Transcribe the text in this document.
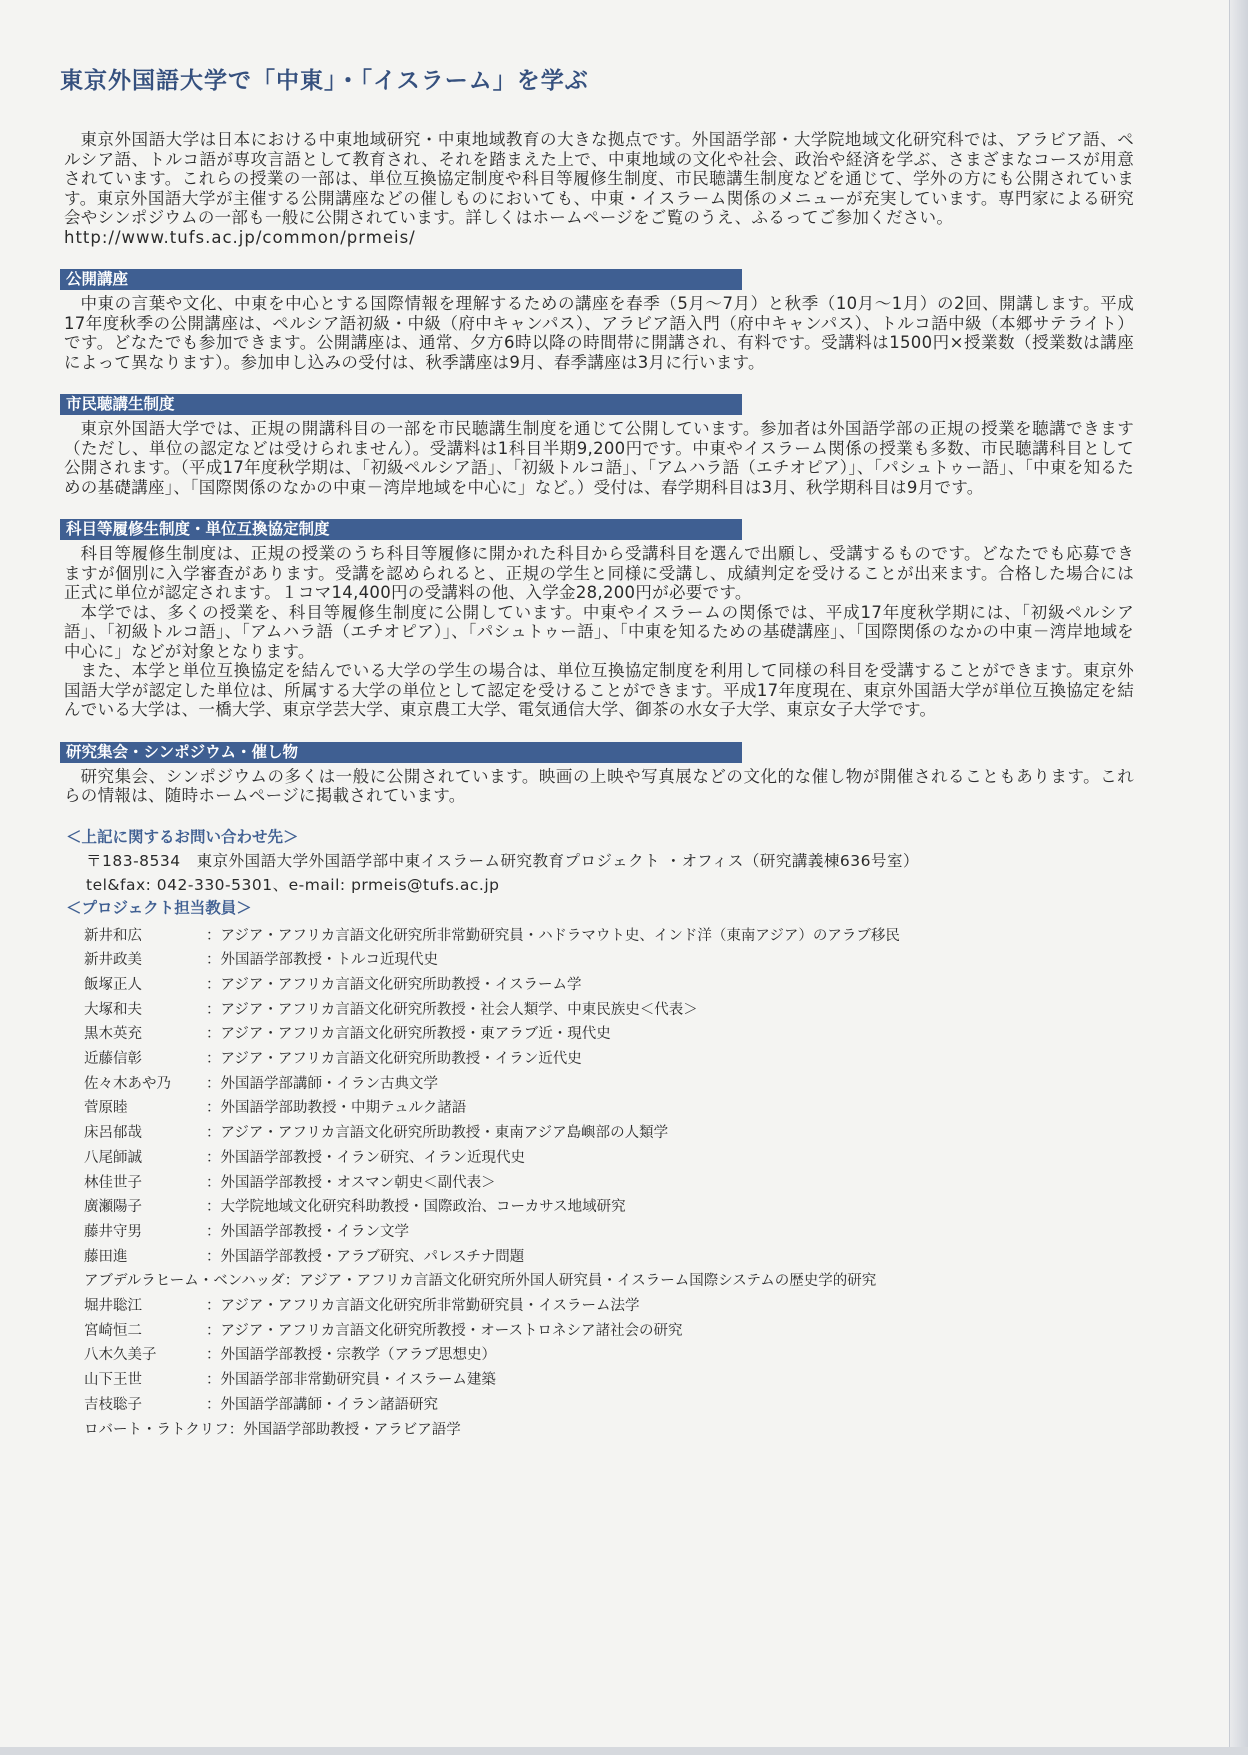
東京外国語大学で「中東」・「イスラーム」を学ぶ

東京外国語大学は日本における中東地域研究・中東地域教育の大きな拠点です。外国語学部・大学院地域文化研究科では、アラビア語、ペルシア語、トルコ語が専攻言語として教育され、それを踏まえた上で、中東地域の文化や社会、政治や経済を学ぶ、さまざまなコースが用意されています。これらの授業の一部は、単位互換協定制度や科目等履修生制度、市民聴講生制度などを通じて、学外の方にも公開されています。東京外国語大学が主催する公開講座などの催しものにおいても、中東・イスラーム関係のメニューが充実しています。専門家による研究会やシンポジウムの一部も一般に公開されています。詳しくはホームページをご覧のうえ、ふるってご参加ください。

http://www.tufs.ac.jp/common/prmeis/

公開講座

中東の言葉や文化、中東を中心とする国際情報を理解するための講座を春季（5月〜7月）と秋季（10月〜1月）の2回、開講します。平成17年度秋季の公開講座は、ペルシア語初級・中級（府中キャンパス）、アラビア語入門（府中キャンパス）、トルコ語中級（本郷サテライト）です。どなたでも参加できます。公開講座は、通常、夕方6時以降の時間帯に開講され、有料です。受講料は1500円×授業数（授業数は講座によって異なります）。参加申し込みの受付は、秋季講座は9月、春季講座は3月に行います。

市民聴講生制度

東京外国語大学では、正規の開講科目の一部を市民聴講生制度を通じて公開しています。参加者は外国語学部の正規の授業を聴講できます（ただし、単位の認定などは受けられません）。受講料は1科目半期9,200円です。中東やイスラーム関係の授業も多数、市民聴講科目として公開されます。（平成17年度秋学期は、「初級ペルシア語」、「初級トルコ語」、「アムハラ語（エチオピア）」、「パシュトゥー語」、「中東を知るための基礎講座」、「国際関係のなかの中東－湾岸地域を中心に」など。）受付は、春学期科目は3月、秋学期科目は9月です。

科目等履修生制度・単位互換協定制度

科目等履修生制度は、正規の授業のうち科目等履修に開かれた科目から受講科目を選んで出願し、受講するものです。どなたでも応募できますが個別に入学審査があります。受講を認められると、正規の学生と同様に受講し、成績判定を受けることが出来ます。合格した場合には正式に単位が認定されます。１コマ14,400円の受講料の他、入学金28,200円が必要です。

本学では、多くの授業を、科目等履修生制度に公開しています。中東やイスラームの関係では、平成17年度秋学期には、「初級ペルシア語」、「初級トルコ語」、「アムハラ語（エチオピア）」、「パシュトゥー語」、「中東を知るための基礎講座」、「国際関係のなかの中東－湾岸地域を中心に」などが対象となります。

また、本学と単位互換協定を結んでいる大学の学生の場合は、単位互換協定制度を利用して同様の科目を受講することができます。東京外国語大学が認定した単位は、所属する大学の単位として認定を受けることができます。平成17年度現在、東京外国語大学が単位互換協定を結んでいる大学は、一橋大学、東京学芸大学、東京農工大学、電気通信大学、御茶の水女子大学、東京女子大学です。

研究集会・シンポジウム・催し物

研究集会、シンポジウムの多くは一般に公開されています。映画の上映や写真展などの文化的な催し物が開催されることもあります。これらの情報は、随時ホームページに掲載されています。

＜上記に関するお問い合わせ先＞

〒183-8534　東京外国語大学外国語学部中東イスラーム研究教育プロジェクト ・オフィス（研究講義棟636号室）

tel&fax: 042-330-5301、e-mail: prmeis@tufs.ac.jp

＜プロジェクト担当教員＞

新井和広	： アジア・アフリカ言語文化研究所非常勤研究員・ハドラマウト史、インド洋（東南アジア）のアラブ移民
新井政美	： 外国語学部教授・トルコ近現代史
飯塚正人	： アジア・アフリカ言語文化研究所助教授・イスラーム学
大塚和夫	： アジア・アフリカ言語文化研究所教授・社会人類学、中東民族史＜代表＞
黒木英充	： アジア・アフリカ言語文化研究所教授・東アラブ近・現代史
近藤信彰	： アジア・アフリカ言語文化研究所助教授・イラン近代史
佐々木あや乃	： 外国語学部講師・イラン古典文学
菅原睦	： 外国語学部助教授・中期テュルク諸語
床呂郁哉	： アジア・アフリカ言語文化研究所助教授・東南アジア島嶼部の人類学
八尾師誠	： 外国語学部教授・イラン研究、イラン近現代史
林佳世子	： 外国語学部教授・オスマン朝史＜副代表＞
廣瀬陽子	： 大学院地域文化研究科助教授・国際政治、コーカサス地域研究
藤井守男	： 外国語学部教授・イラン文学
藤田進	： 外国語学部教授・アラブ研究、パレスチナ問題
アブデルラヒーム・ベンハッダ ： アジア・アフリカ言語文化研究所外国人研究員・イスラーム国際システムの歴史学的研究
堀井聡江	： アジア・アフリカ言語文化研究所非常勤研究員・イスラーム法学
宮崎恒二	： アジア・アフリカ言語文化研究所教授・オーストロネシア諸社会の研究
八木久美子	： 外国語学部教授・宗教学（アラブ思想史）
山下王世	： 外国語学部非常勤研究員・イスラーム建築
吉枝聡子	： 外国語学部講師・イラン諸語研究
ロバート・ラトクリフ ： 外国語学部助教授・アラビア語学
